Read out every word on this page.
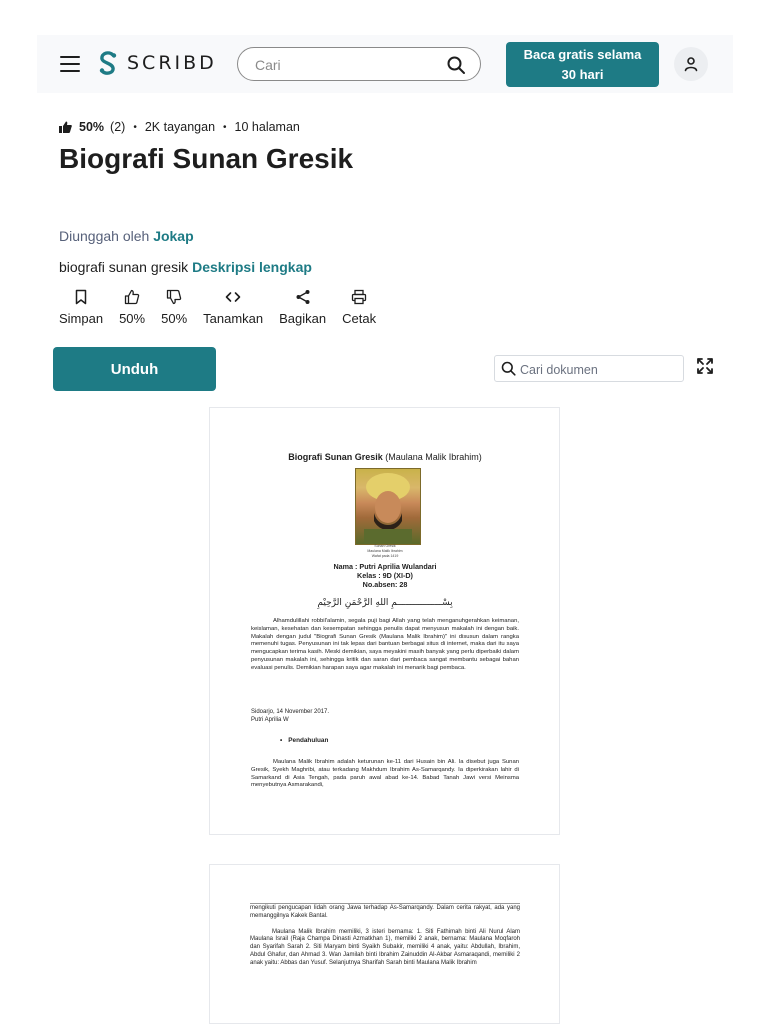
SCRIBD
Cari	Baca gratis selama 30 hari
50% (2) • 2K tayangan • 10 halaman
Biografi Sunan Gresik
Diunggah oleh Jokap
biografi sunan gresik Deskripsi lengkap
Simpan 50% 50% Tanamkan Bagikan Cetak
Unduh
Cari dokumen
Biografi Sunan Gresik (Maulana Malik Ibrahim)
Sunan Gresik
Maulana Malik Ibrahim
Wafat pada 1419
Nama : Putri Aprilia Wulandari
Kelas : 9D (XI-D)
No.absen: 28
بِسْـــــــــــــــــمِ اللهِ الرَّحْمَنِ الرَّحِيْمِ
Alhamdulillahi robbil'alamin, segala puji bagi Allah yang telah menganuhgerahkan keimanan, keislaman, kesehatan dan kesempatan sehingga penulis dapat menyusun makalah ini dengan baik. Makalah dengan judul "Biografi Sunan Gresik (Maulana Malik Ibrahim)" ini disusun dalam rangka memenuhi tugas. Penyusunan ini tak lepas dari bantuan berbagai situs di internet, maka dari itu saya mengucapkan terima kasih. Meski demikian, saya meyakini masih banyak yang perlu diperbaiki dalam penyusunan makalah ini, sehingga kritik dan saran dari pembaca sangat membantu sebagai bahan evaluasi penulis. Demikian harapan saya agar makalah ini menarik bagi pembaca.
Sidoarjo, 14 November 2017.
Putri Aprilia W
• Pendahuluan
Maulana Malik Ibrahim adalah keturunan ke-11 dari Husain bin Ali. Ia disebut juga Sunan Gresik, Syekh Maghribi, atau terkadang Makhdum Ibrahim As-Samarqandy. Ia diperkirakan lahir di Samarkand di Asia Tengah, pada paruh awal abad ke-14. Babad Tanah Jawi versi Meinsma menyebutnya Asmarakandi,
mengikuti pengucapan lidah orang Jawa terhadap As-Samarqandy. Dalam cerita rakyat, ada yang memanggilnya Kakek Bantal.
Maulana Malik Ibrahim memiliki, 3 isteri bernama: 1. Siti Fathimah binti Ali Nurul Alam Maulana Israil (Raja Champa Dinasti Azmatkhan 1), memiliki 2 anak, bernama: Maulana Moqfaroh dan Syarifah Sarah 2. Siti Maryam binti Syaikh Subakir, memiliki 4 anak, yaitu: Abdullah, Ibrahim, Abdul Ghafur, dan Ahmad 3. Wan Jamilah binti Ibrahim Zainuddin Al-Akbar Asmaraqandi, memiliki 2 anak yaitu: Abbas dan Yusuf. Selanjutnya Sharifah Sarah binti Maulana Malik Ibrahim
